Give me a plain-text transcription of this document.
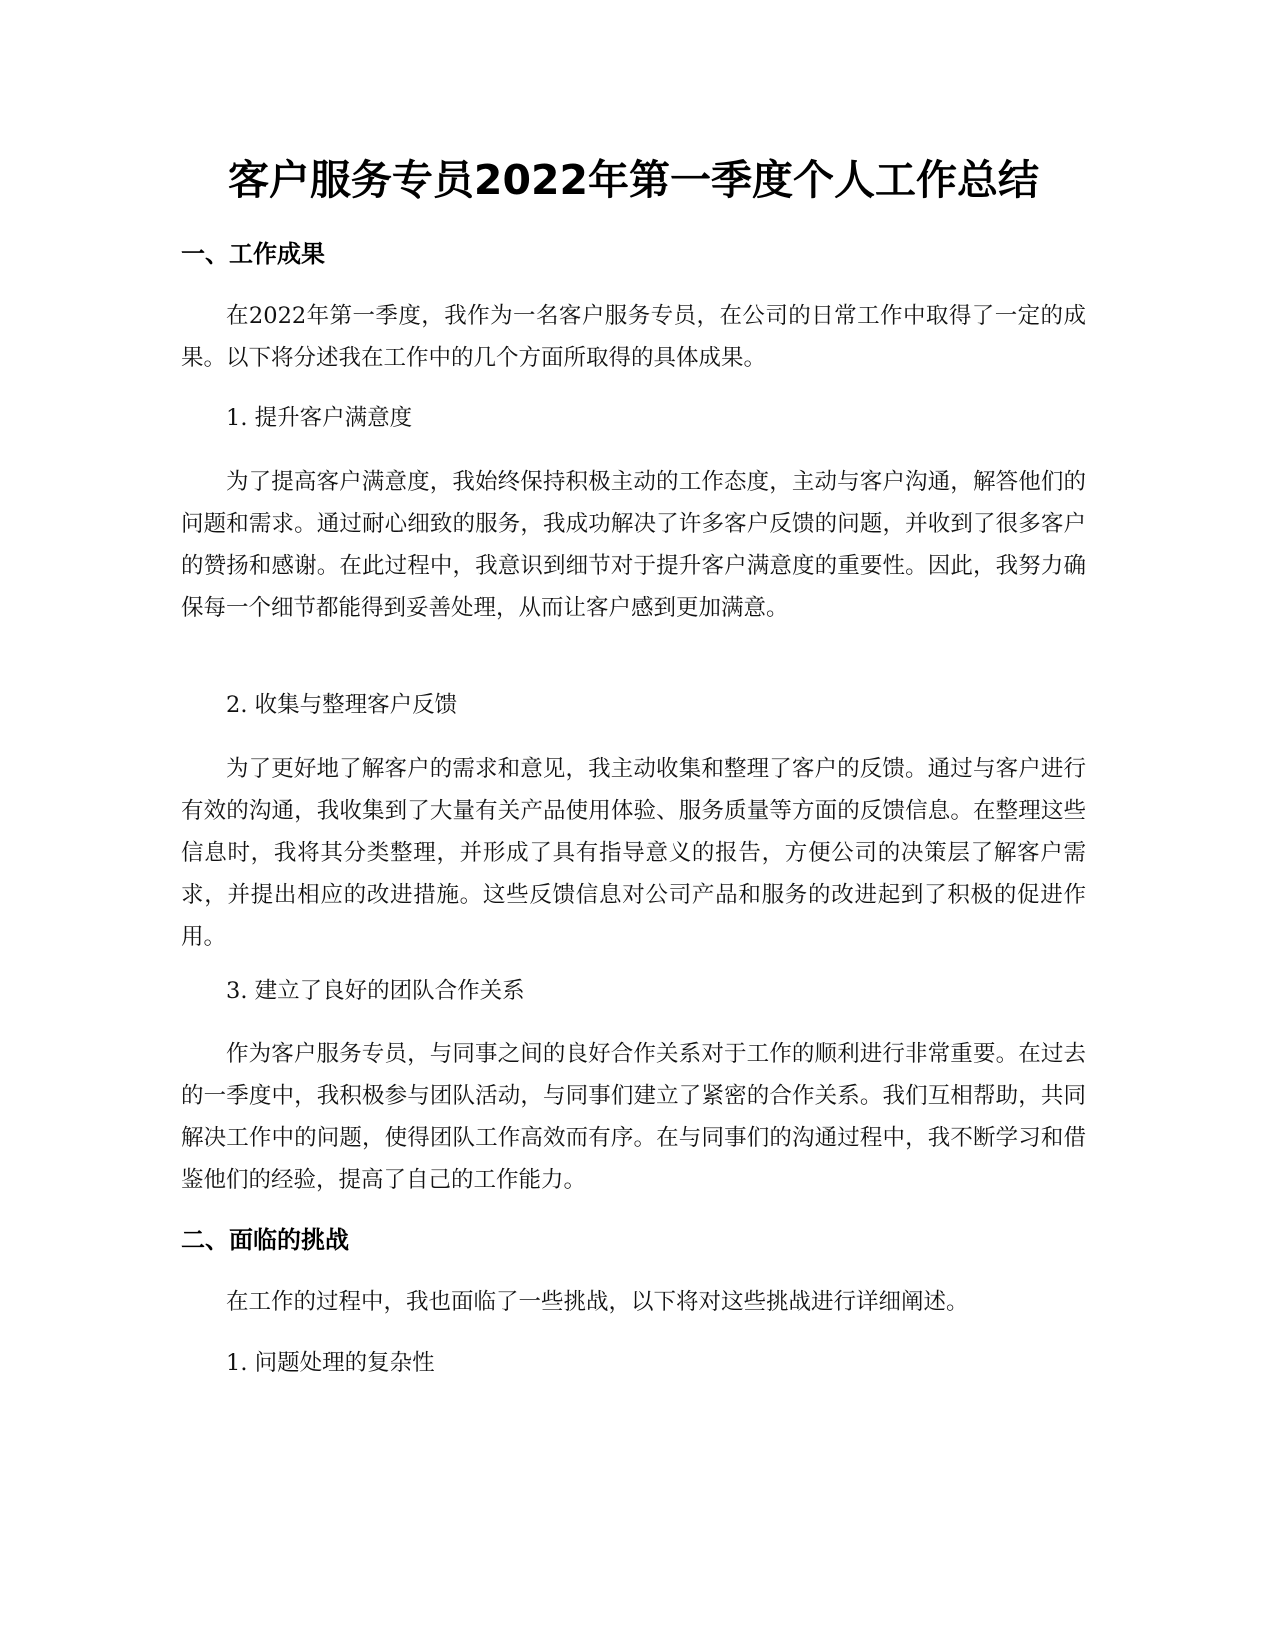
客户服务专员2022年第一季度个人工作总结
一、工作成果

在2022年第一季度，我作为一名客户服务专员，在公司的日常工作中取得了一定的成果。以下将分述我在工作中的几个方面所取得的具体成果。

1. 提升客户满意度

为了提高客户满意度，我始终保持积极主动的工作态度，主动与客户沟通，解答他们的问题和需求。通过耐心细致的服务，我成功解决了许多客户反馈的问题，并收到了很多客户的赞扬和感谢。在此过程中，我意识到细节对于提升客户满意度的重要性。因此，我努力确保每一个细节都能得到妥善处理，从而让客户感到更加满意。

2. 收集与整理客户反馈

为了更好地了解客户的需求和意见，我主动收集和整理了客户的反馈。通过与客户进行有效的沟通，我收集到了大量有关产品使用体验、服务质量等方面的反馈信息。在整理这些信息时，我将其分类整理，并形成了具有指导意义的报告，方便公司的决策层了解客户需求，并提出相应的改进措施。这些反馈信息对公司产品和服务的改进起到了积极的促进作用。

3. 建立了良好的团队合作关系

作为客户服务专员，与同事之间的良好合作关系对于工作的顺利进行非常重要。在过去的一季度中，我积极参与团队活动，与同事们建立了紧密的合作关系。我们互相帮助，共同解决工作中的问题，使得团队工作高效而有序。在与同事们的沟通过程中，我不断学习和借鉴他们的经验，提高了自己的工作能力。

二、面临的挑战

在工作的过程中，我也面临了一些挑战，以下将对这些挑战进行详细阐述。

1. 问题处理的复杂性
